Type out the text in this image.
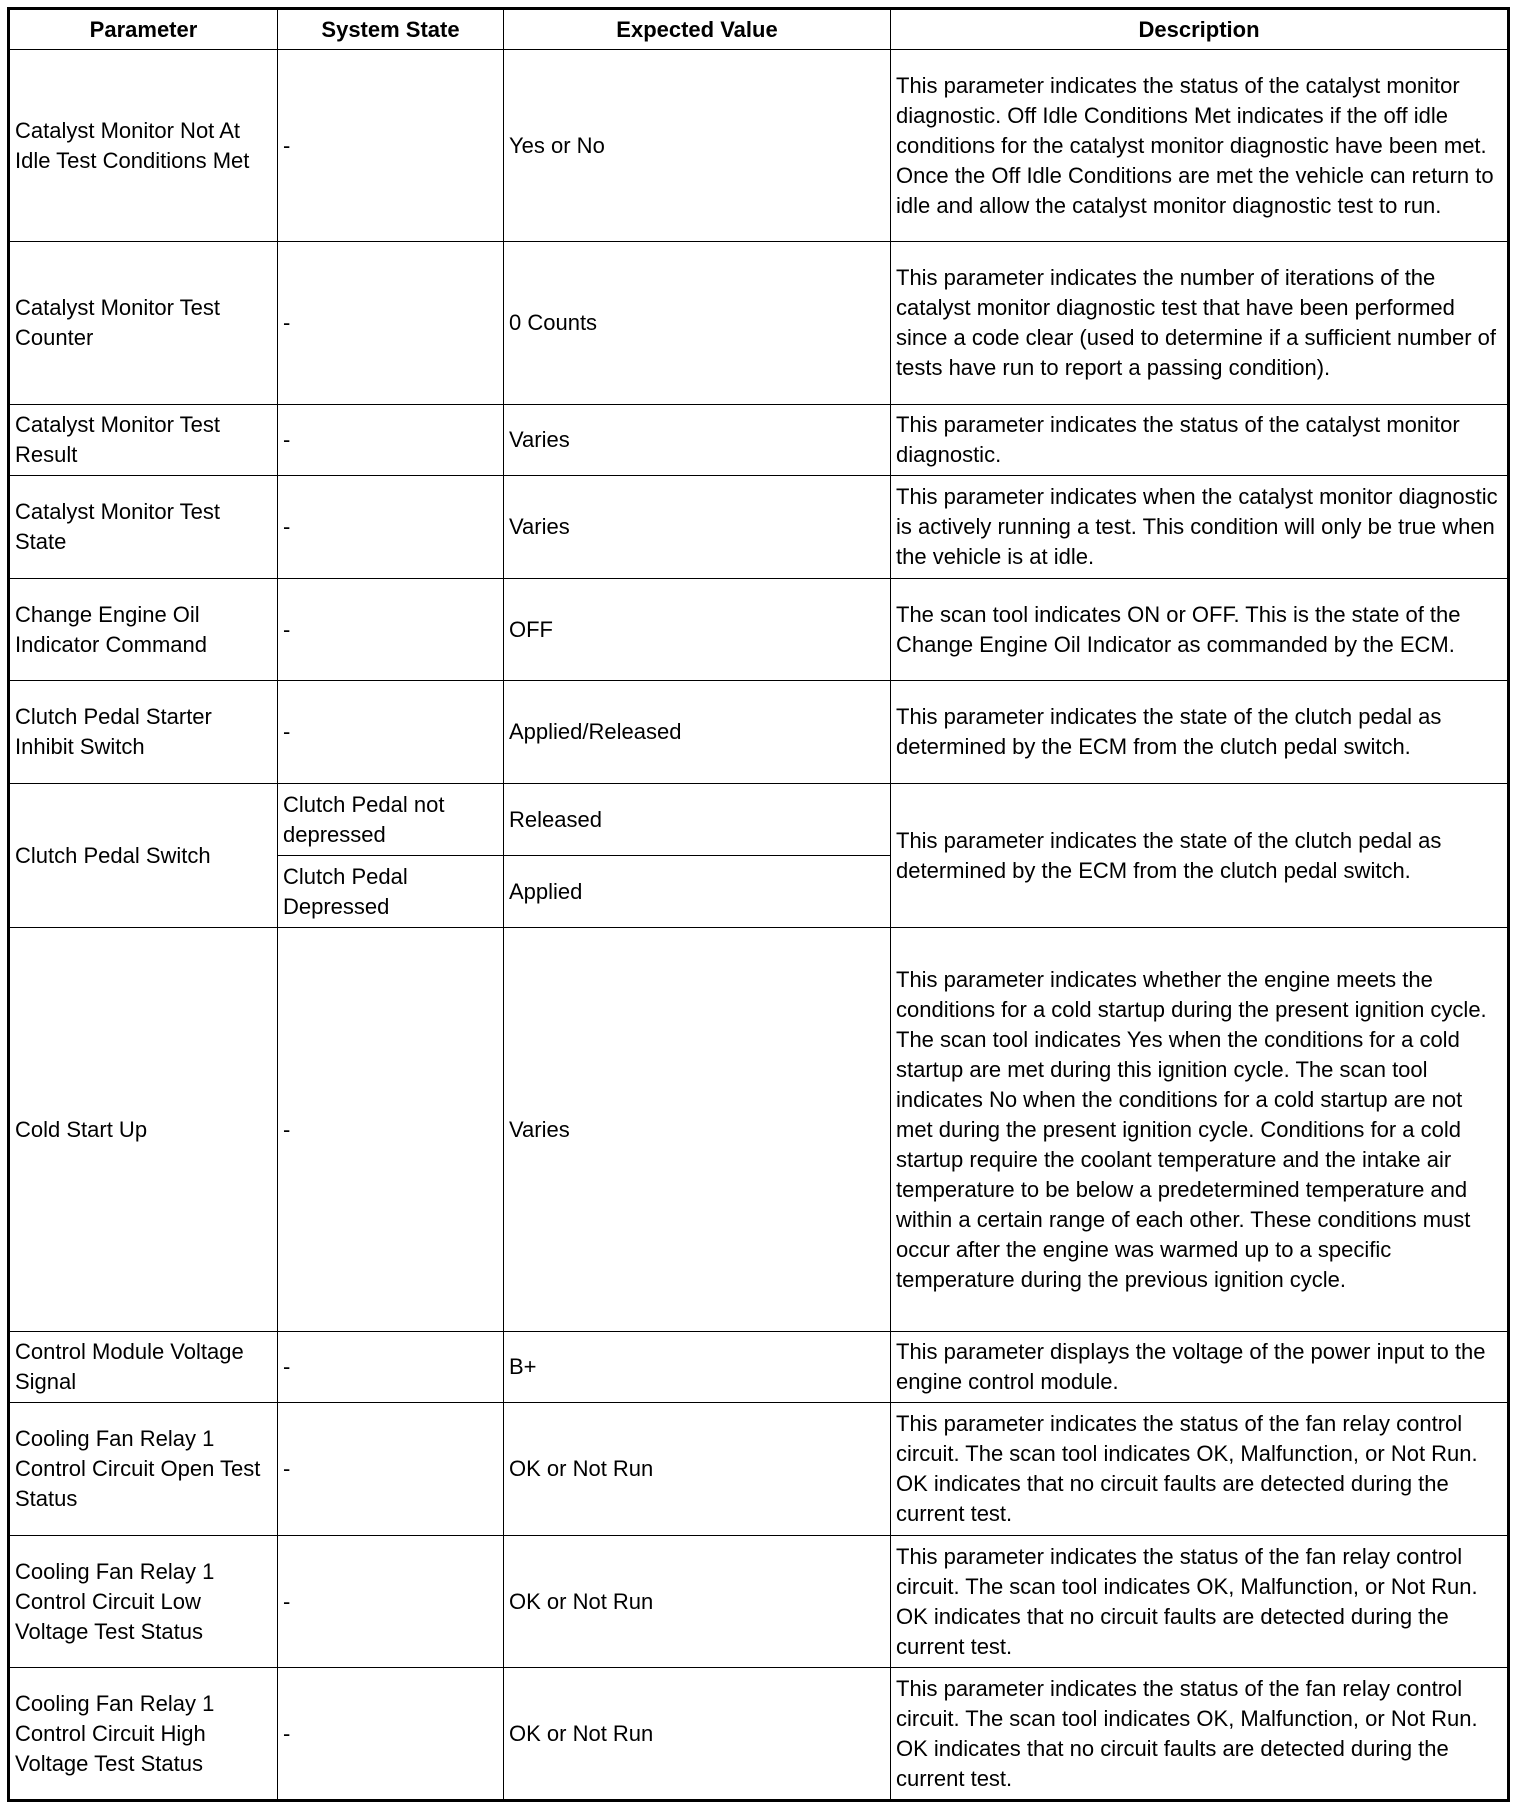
Parameter	System State	Expected Value	Description
Catalyst Monitor Not At Idle Test Conditions Met	-	Yes or No	This parameter indicates the status of the catalyst monitor diagnostic. Off Idle Conditions Met indicates if the off idle conditions for the catalyst monitor diagnostic have been met. Once the Off Idle Conditions are met the vehicle can return to idle and allow the catalyst monitor diagnostic test to run.
Catalyst Monitor Test Counter	-	0 Counts	This parameter indicates the number of iterations of the catalyst monitor diagnostic test that have been performed since a code clear (used to determine if a sufficient number of tests have run to report a passing condition).
Catalyst Monitor Test Result	-	Varies	This parameter indicates the status of the catalyst monitor diagnostic.
Catalyst Monitor Test State	-	Varies	This parameter indicates when the catalyst monitor diagnostic is actively running a test. This condition will only be true when the vehicle is at idle.
Change Engine Oil Indicator Command	-	OFF	The scan tool indicates ON or OFF. This is the state of the Change Engine Oil Indicator as commanded by the ECM.
Clutch Pedal Starter Inhibit Switch	-	Applied/Released	This parameter indicates the state of the clutch pedal as determined by the ECM from the clutch pedal switch.
Clutch Pedal Switch	Clutch Pedal not depressed	Released	This parameter indicates the state of the clutch pedal as determined by the ECM from the clutch pedal switch.
	Clutch Pedal Depressed	Applied	
Cold Start Up	-	Varies	This parameter indicates whether the engine meets the conditions for a cold startup during the present ignition cycle. The scan tool indicates Yes when the conditions for a cold startup are met during this ignition cycle. The scan tool indicates No when the conditions for a cold startup are not met during the present ignition cycle. Conditions for a cold startup require the coolant temperature and the intake air temperature to be below a predetermined temperature and within a certain range of each other. These conditions must occur after the engine was warmed up to a specific temperature during the previous ignition cycle.
Control Module Voltage Signal	-	B+	This parameter displays the voltage of the power input to the engine control module.
Cooling Fan Relay 1 Control Circuit Open Test Status	-	OK or Not Run	This parameter indicates the status of the fan relay control circuit. The scan tool indicates OK, Malfunction, or Not Run. OK indicates that no circuit faults are detected during the current test.
Cooling Fan Relay 1 Control Circuit Low Voltage Test Status	-	OK or Not Run	This parameter indicates the status of the fan relay control circuit. The scan tool indicates OK, Malfunction, or Not Run. OK indicates that no circuit faults are detected during the current test.
Cooling Fan Relay 1 Control Circuit High Voltage Test Status	-	OK or Not Run	This parameter indicates the status of the fan relay control circuit. The scan tool indicates OK, Malfunction, or Not Run. OK indicates that no circuit faults are detected during the current test.
